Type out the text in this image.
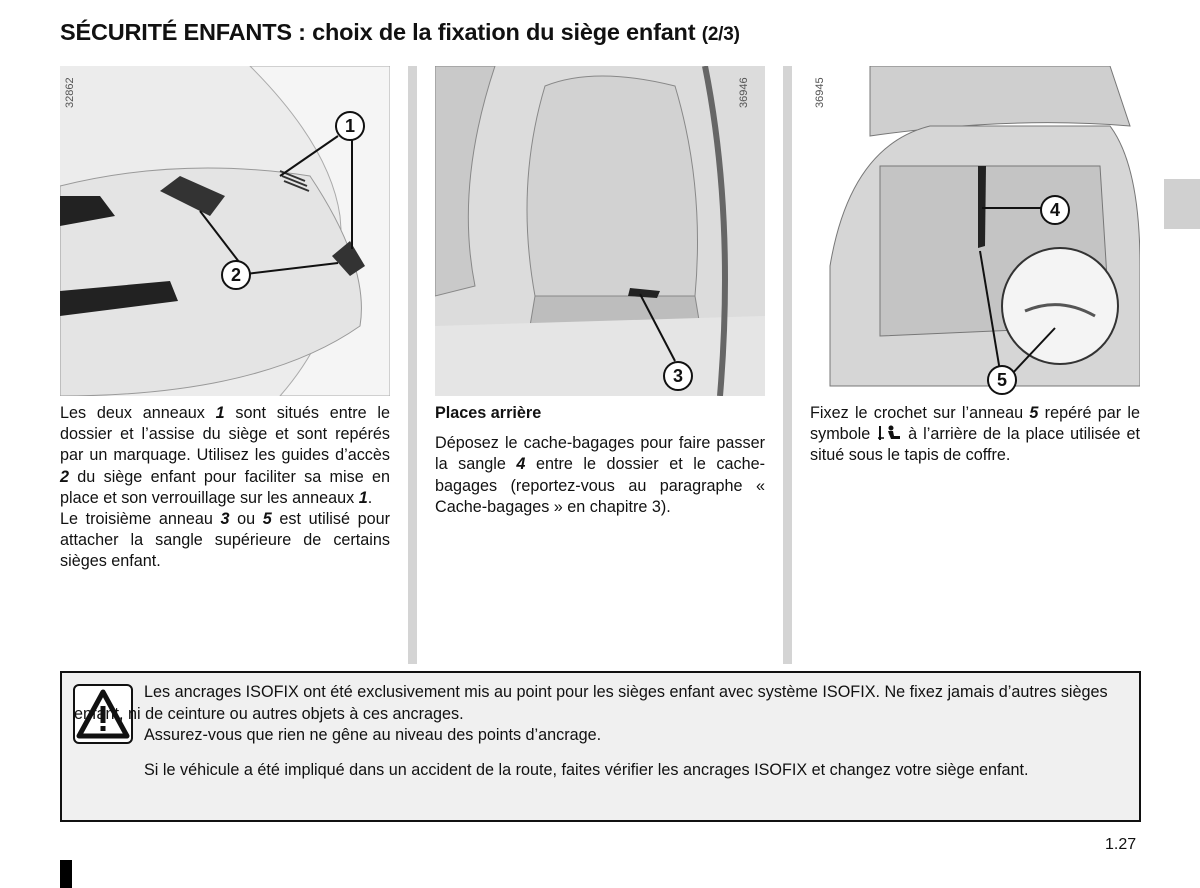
SÉCURITÉ ENFANTS : choix de la fixation du siège enfant (2/3)
32862
1
2
36946
3
36945
4
5

Les deux anneaux 1 sont situés entre le dossier et l’assise du siège et sont repérés par un marquage. Utilisez les guides d’accès 2 du siège enfant pour faciliter sa mise en place et son verrouillage sur les anneaux 1.

Le troisième anneau 3 ou 5 est utilisé pour attacher la sangle supérieure de certains sièges enfant.

Places arrière

Déposez le cache-bagages pour faire passer la sangle 4 entre le dossier et le cache-bagages (reportez-vous au paragraphe « Cache-bagages » en chapitre 3).

Fixez le crochet sur l’anneau 5 repéré par le symbole  à l’arrière de la place utilisée et situé sous le tapis de coffre.

Les ancrages ISOFIX ont été exclusivement mis au point pour les sièges enfant avec système ISOFIX. Ne fixez jamais d’autres sièges enfant, ni de ceinture ou autres objets à ces ancrages.

Assurez-vous que rien ne gêne au niveau des points d’ancrage.

Si le véhicule a été impliqué dans un accident de la route, faites vérifier les ancrages ISOFIX et changez votre siège enfant.

1.27
